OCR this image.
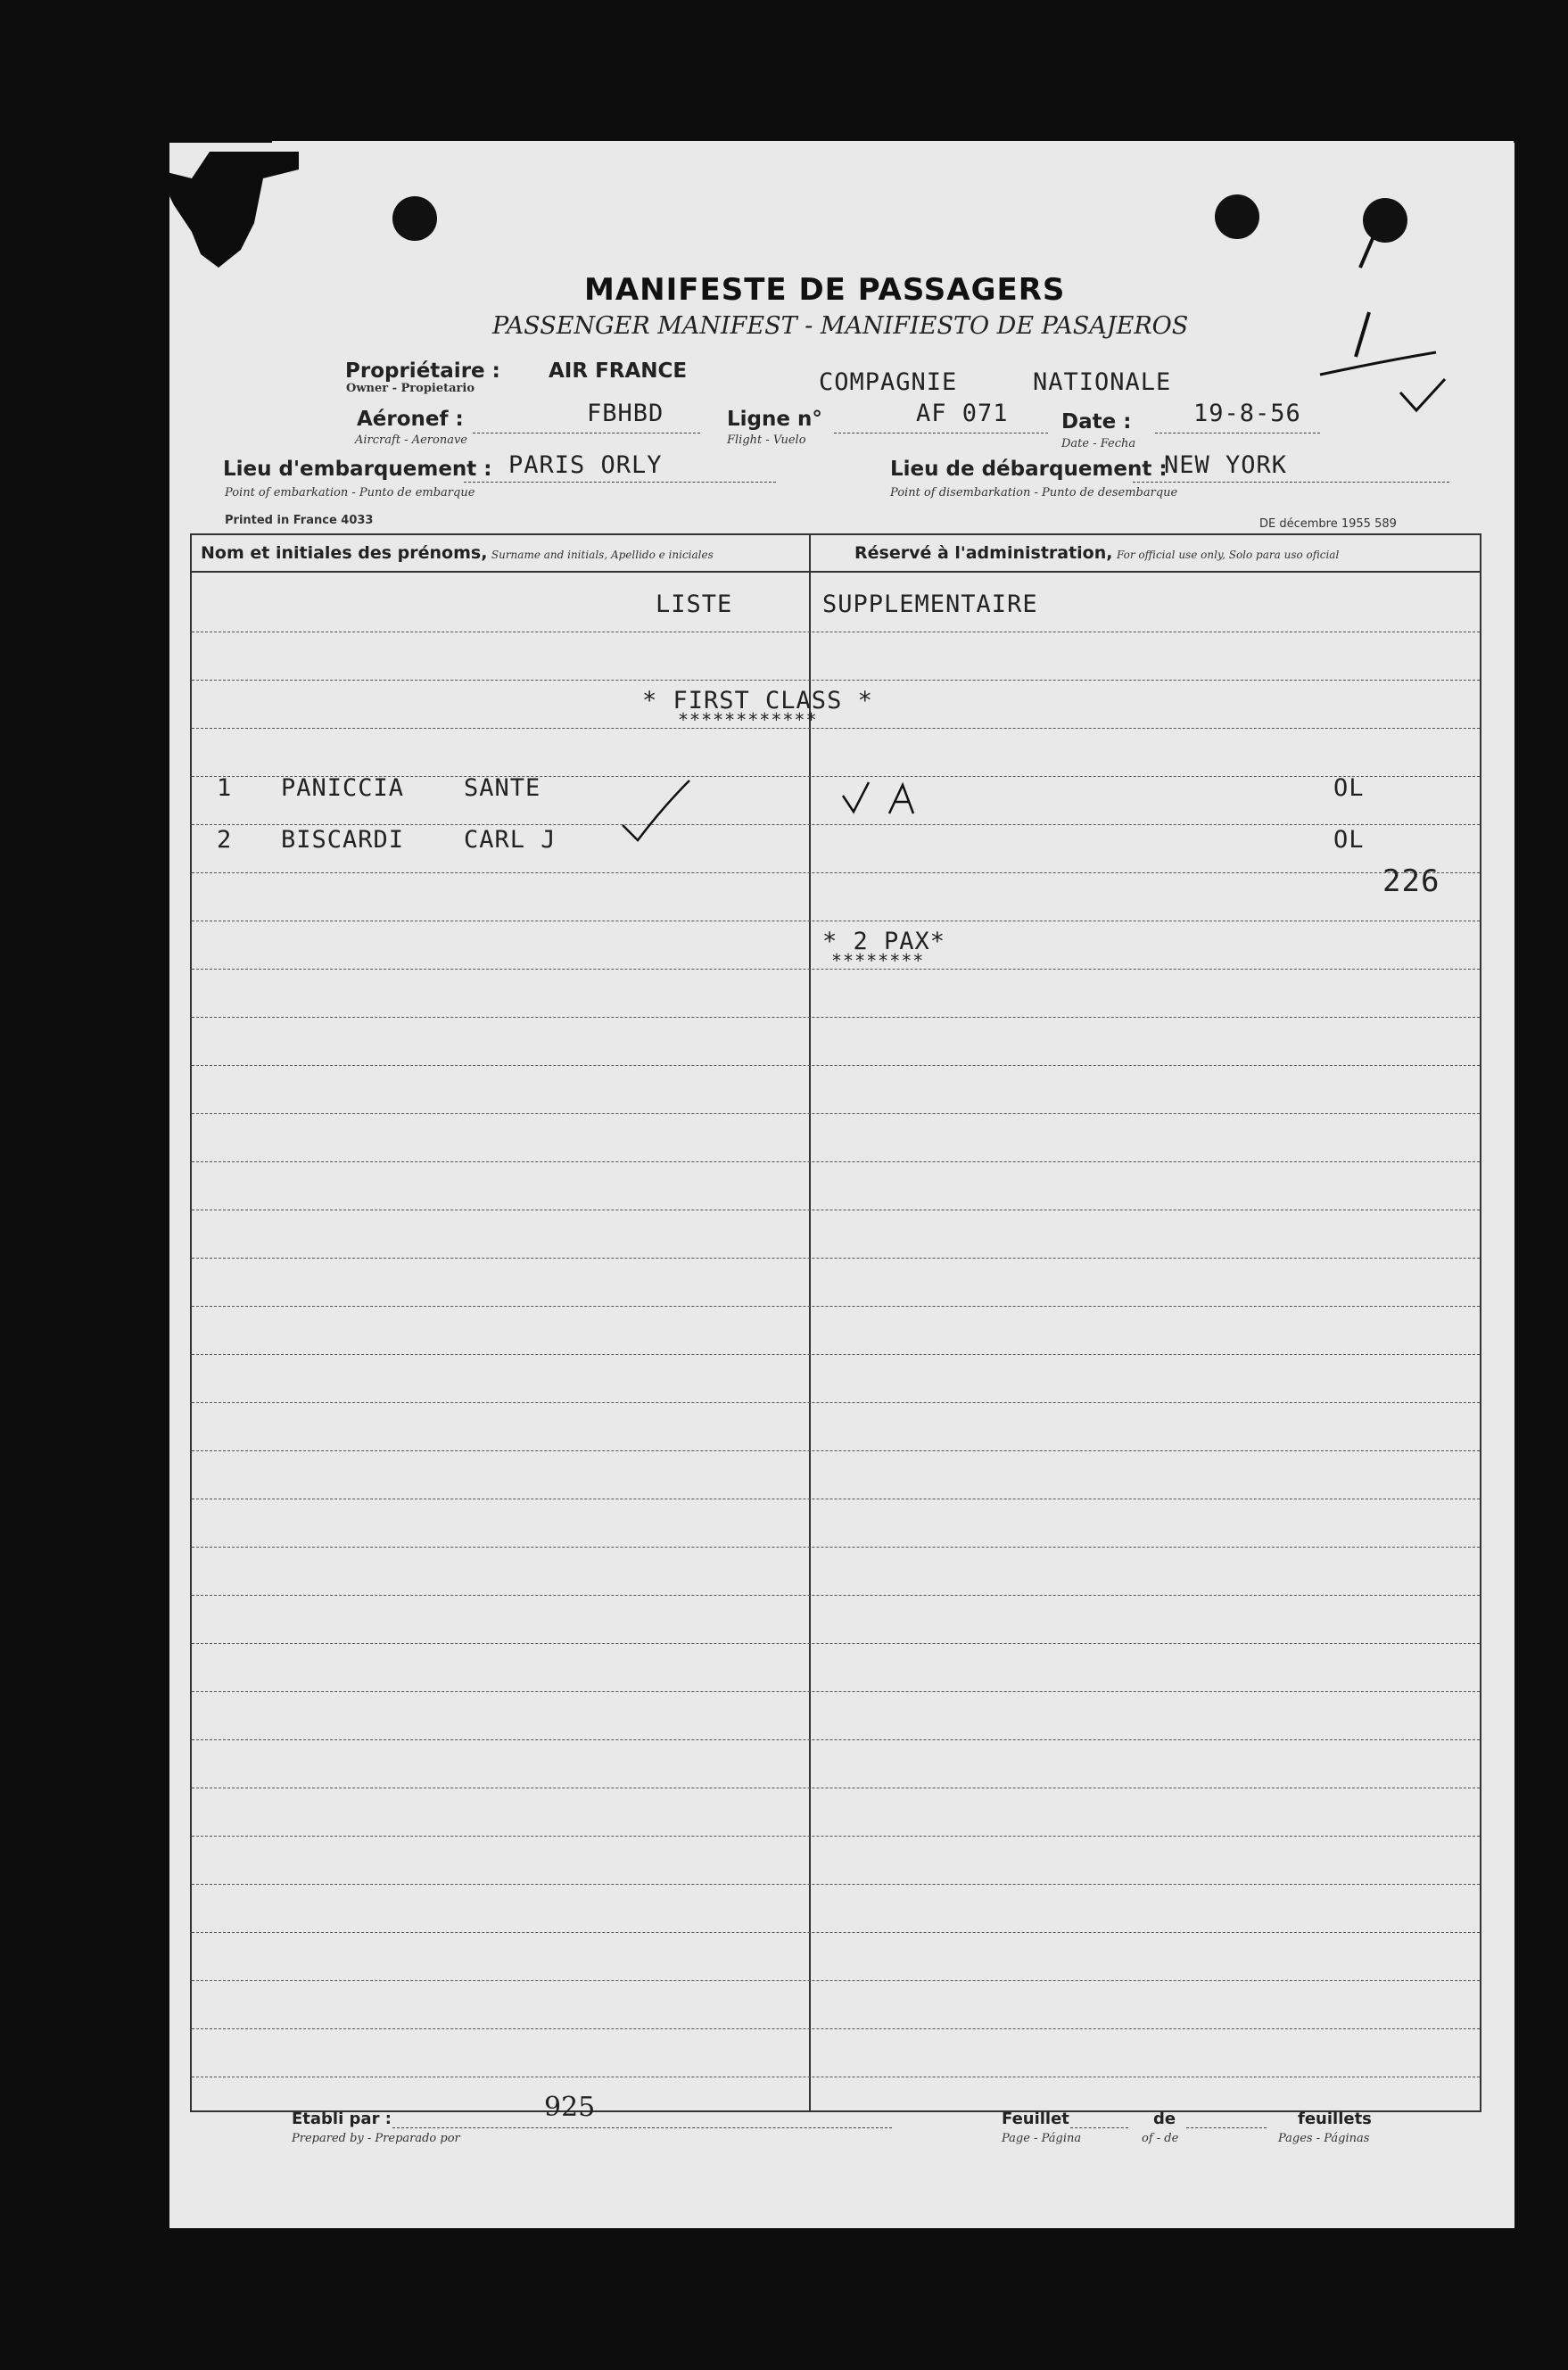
MANIFESTE DE PASSAGERS
PASSENGER MANIFEST - MANIFIESTO DE PASAJEROS
Propriétaire : AIR FRANCE
Owner - Propietario	COMPAGNIE	NATIONALE
Aéronef :	FBHBD
Aircraft - Aeronave
Ligne n°	AF 071
Flight - Vuelo
Date :	19-8-56
Date - Fecha
Lieu d'embarquement : PARIS ORLY
Point of embarkation - Punto de embarque
Lieu de débarquement :
NEW YORK
Point of disembarkation - Punto de desembarque
Printed in France 4033	DE décembre 1955 589
Nom et initiales des prénoms, Surname and initials, Apellido e iniciales	Réservé à l'administration, For official use only, Solo para uso oficial
LISTE	SUPPLEMENTAIRE
* FIRST CLASS *
************
1 PANICCIA SANTE	OL
2 BISCARDI CARL J	OL
226
* 2 PAX*
********
Etabli par :
Prepared by - Preparado por
925	Feuillet	de	feuillets
Page - Página	of - de	Pages - Páginas
